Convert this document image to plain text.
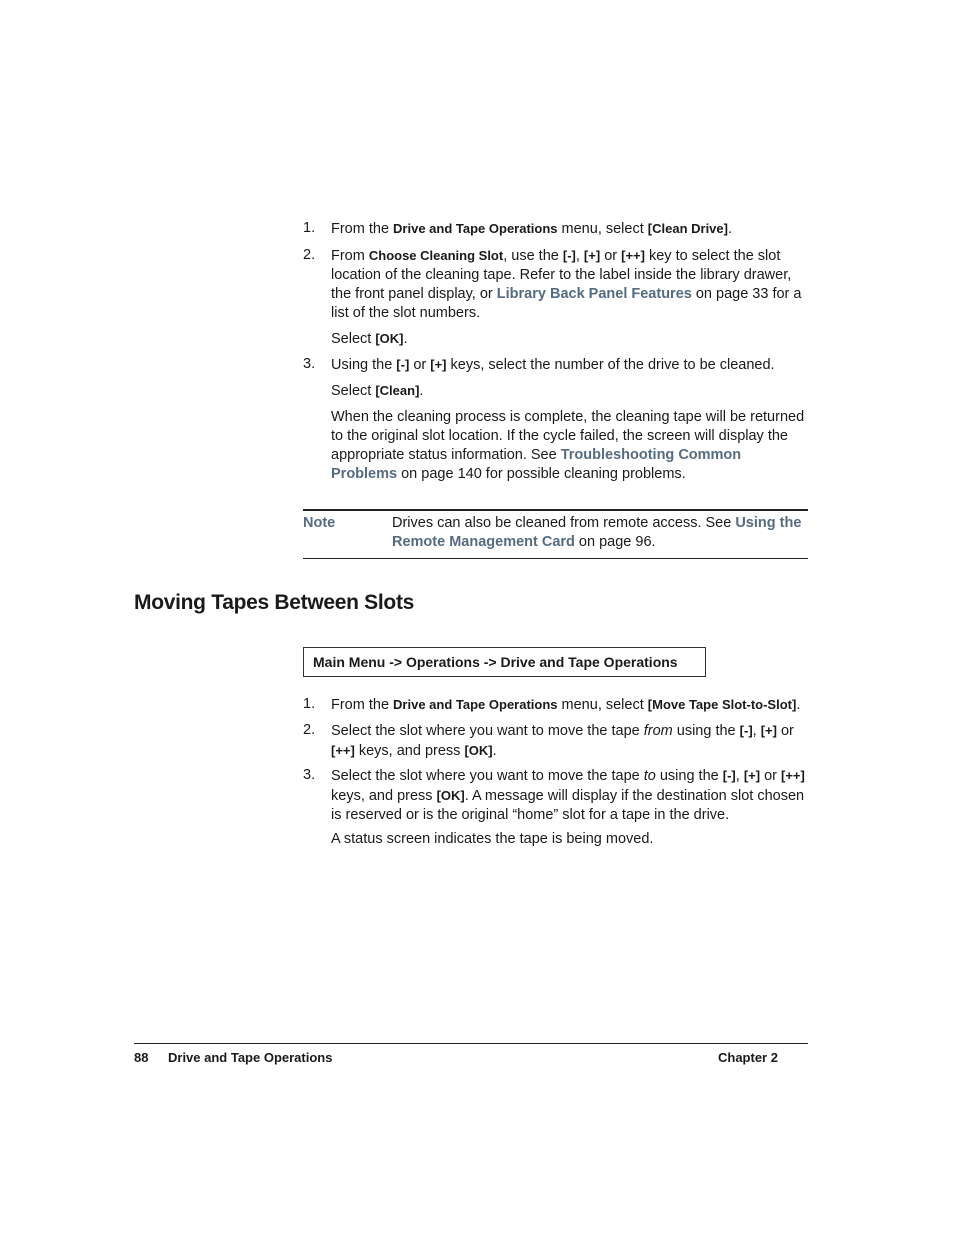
1. From the Drive and Tape Operations menu, select [Clean Drive].
2. From Choose Cleaning Slot, use the [-], [+] or [++] key to select the slot location of the cleaning tape. Refer to the label inside the library drawer, the front panel display, or Library Back Panel Features on page 33 for a list of the slot numbers.
Select [OK].
3. Using the [-] or [+] keys, select the number of the drive to be cleaned.
Select [Clean].
When the cleaning process is complete, the cleaning tape will be returned to the original slot location. If the cycle failed, the screen will display the appropriate status information. See Troubleshooting Common Problems on page 140 for possible cleaning problems.
Note	Drives can also be cleaned from remote access. See Using the Remote Management Card on page 96.
Moving Tapes Between Slots
Main Menu -> Operations -> Drive and Tape Operations
1. From the Drive and Tape Operations menu, select [Move Tape Slot-to-Slot].
2. Select the slot where you want to move the tape from using the [-], [+] or [++] keys, and press [OK].
3. Select the slot where you want to move the tape to using the [-], [+] or [++] keys, and press [OK]. A message will display if the destination slot chosen is reserved or is the original “home” slot for a tape in the drive.
A status screen indicates the tape is being moved.
88 Drive and Tape Operations	Chapter 2
